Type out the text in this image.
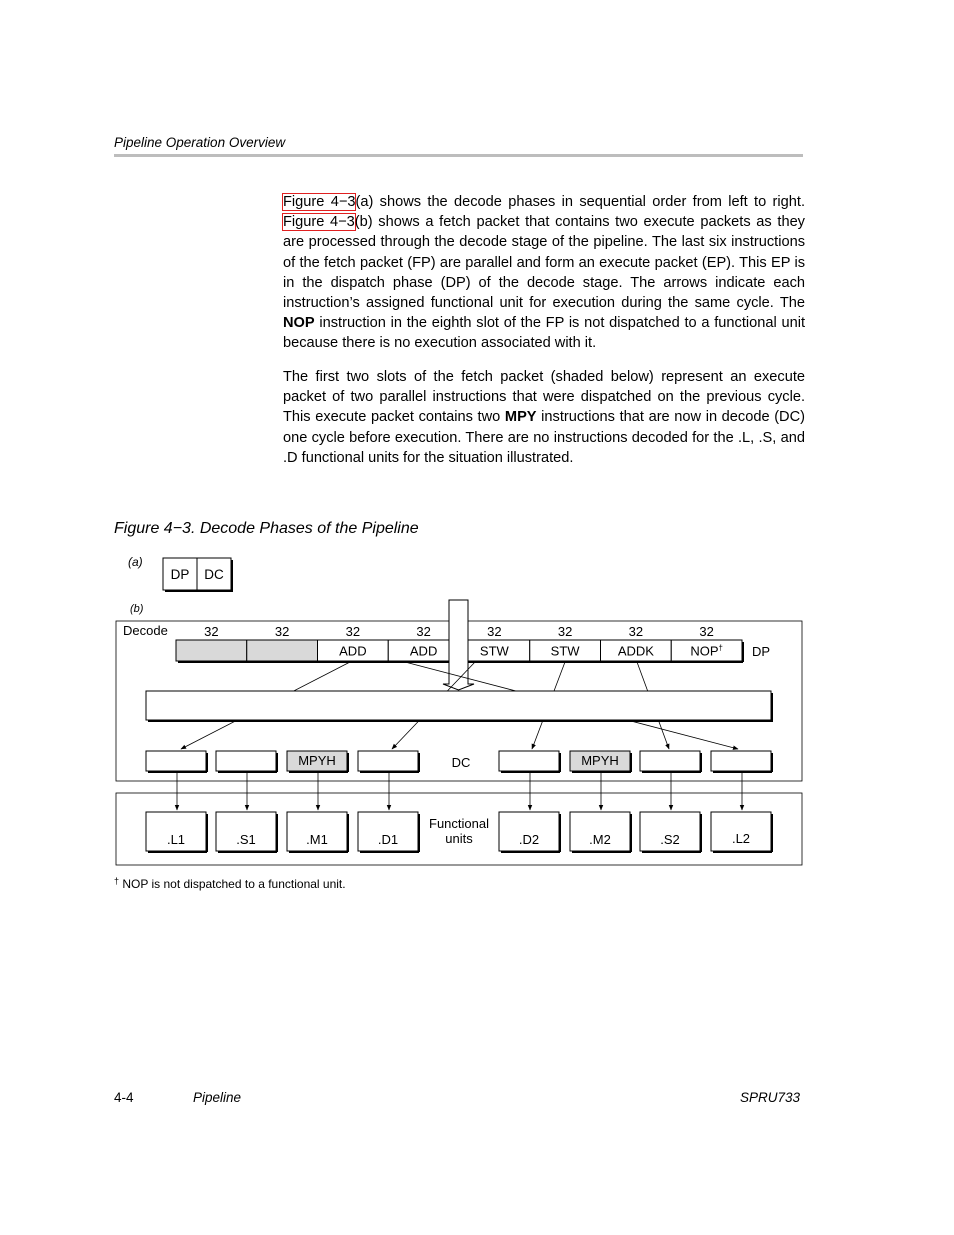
Pipeline Operation Overview

Figure 4−3(a) shows the decode phases in sequential order from left to right. Figure 4−3(b) shows a fetch packet that contains two execute packets as they are processed through the decode stage of the pipeline. The last six instructions of the fetch packet (FP) are parallel and form an execute packet (EP). This EP is in the dispatch phase (DP) of the decode stage. The arrows indicate each instruction’s assigned functional unit for execution during the same cycle. The NOP instruction in the eighth slot of the FP is not dispatched to a functional unit because there is no execution associated with it.

The first two slots of the fetch packet (shaded below) represent an execute packet of two parallel instructions that were dispatched on the previous cycle. This execute packet contains two MPY instructions that are now in decode (DC) one cycle before execution. There are no instructions decoded for the .L, .S, and .D functional units for the situation illustrated.

Figure 4−3. Decode Phases of the Pipeline
(a)
DP DC
(b)
Decode	32	32	32	32	32	32	32	32
ADD	ADD	STW	STW	ADDK	NOP† DP
MPYH	MPYH
DC
.L1	.S1	.M1	.D1	.D2	.M2	.S2	.L2
Functional
units
† NOP is not dispatched to a functional unit.
4-4	Pipeline	SPRU733
